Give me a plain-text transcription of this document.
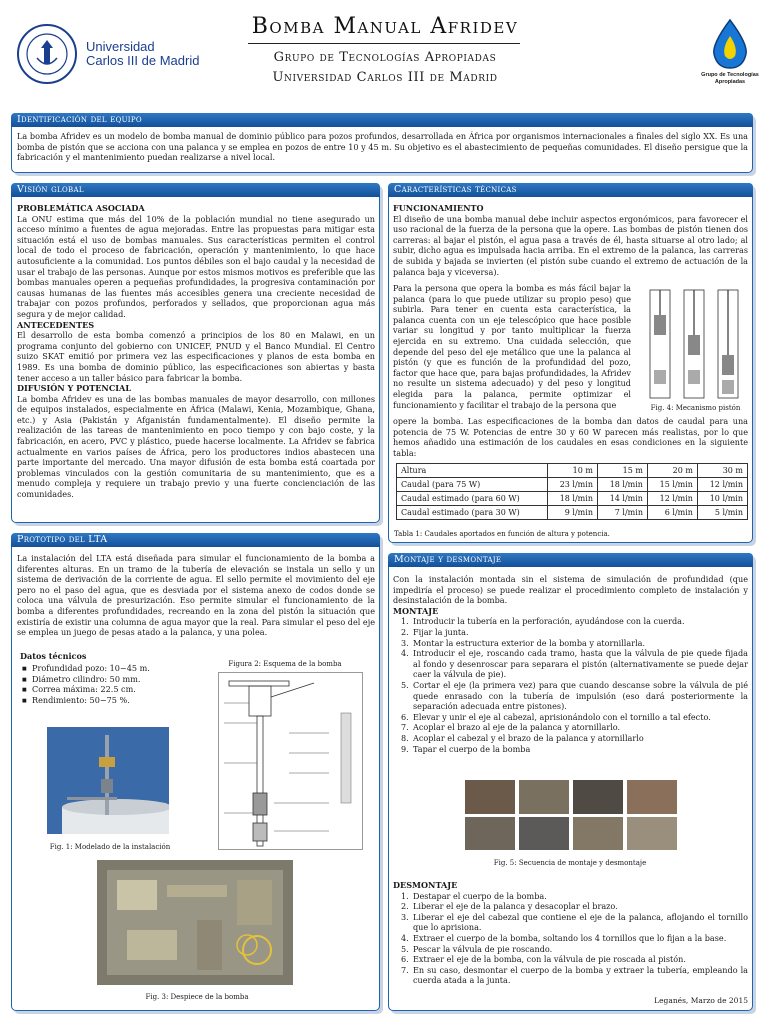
Universidad
Carlos III de Madrid
Bomba Manual Afridev
Grupo de Tecnologías Apropiadas
Universidad Carlos III de Madrid	Grupo de Tecnologías
Apropiadas
Identificación del equipo
La bomba Afridev es un modelo de bomba manual de dominio público para pozos profundos, desarrollada en África por organismos internacionales a finales del siglo XX. Es una bomba de pistón que se acciona con una palanca y se emplea en pozos de entre 10 y 45 m. Su objetivo es el abastecimiento de pequeñas comunidades. El diseño persigue que la fabricación y el mantenimiento puedan realizarse a nivel local.
Visión global
PROBLEMÁTICA ASOCIADA
La ONU estima que más del 10% de la población mundial no tiene asegurado un acceso mínimo a fuentes de agua mejoradas. Entre las propuestas para mitigar esta situación está el uso de bombas manuales. Sus características permiten el control local de todo el proceso de fabricación, operación y mantenimiento, lo que hace autosuficiente a la comunidad. Los puntos débiles son el bajo caudal y la necesidad de usar el trabajo de las personas. Aunque por estos mismos motivos es preferible que las bombas manuales operen a pequeñas profundidades, la progresiva contaminación por causas humanas de las fuentes más accesibles genera una creciente necesidad de trabajar con pozos profundos, perforados y sellados, que proporcionan agua más segura y de mejor calidad.
ANTECEDENTES
El desarrollo de esta bomba comenzó a principios de los 80 en Malawi, en un programa conjunto del gobierno con UNICEF, PNUD y el Banco Mundial. El Centro suizo SKAT emitió por primera vez las especificaciones y planos de esta bomba en 1989. Es una bomba de dominio público, las especificaciones son abiertas y basta tener acceso a un taller básico para fabricar la bomba.
DIFUSIÓN Y POTENCIAL
La bomba Afridev es una de las bombas manuales de mayor desarrollo, con millones de equipos instalados, especialmente en África (Malawi, Kenia, Mozambique, Ghana, etc.) y Asia (Pakistán y Afganistán fundamentalmente). El diseño permite la realización de las tareas de mantenimiento en poco tiempo y con bajo coste, y la fabricación, en acero, PVC y plástico, puede hacerse localmente. La Afridev se fabrica actualmente en varios países de África, pero los productores indios abastecen una parte importante del mercado. Una mayor difusión de esta bomba está coartada por problemas vinculados con la gestión comunitaria de su mantenimiento, que es a menudo compleja y requiere un trabajo previo y una fuerte concienciación de las comunidades.
Prototipo del LTA
La instalación del LTA está diseñada para simular el funcionamiento de la bomba a diferentes alturas. En un tramo de la tubería de elevación se instala un sello y un sistema de derivación de la corriente de agua. El sello permite el movimiento del eje pero no el paso del agua, que es desviada por el sistema anexo de codos donde se coloca una válvula de presurización. Eso permite simular el funcionamiento de la bomba a diferentes profundidades, recreando en la zona del pistón la situación que existiría de existir una columna de agua mayor que la real. Para simular el peso del eje se emplea un juego de pesas atado a la palanca, y una polea.
Datos técnicos
■ Profundidad pozo: 10−45 m.
■ Diámetro cilindro: 50 mm.
■ Correa máxima: 22.5 cm.
■ Rendimiento: 50−75 %.
Fig. 1: Modelado de la instalación
Figura 2: Esquema de la bomba
Fig. 3: Despiece de la bomba
Características técnicas
FUNCIONAMIENTO
El diseño de una bomba manual debe incluir aspectos ergonómicos, para favorecer el uso racional de la fuerza de la persona que la opere. Las bombas de pistón tienen dos carreras: al bajar el pistón, el agua pasa a través de él, hasta situarse al otro lado; al subir, dicho agua es impulsada hacia arriba. En el extremo de la palanca, las carreras de subida y bajada se invierten (el pistón sube cuando el extremo de actuación de la palanca baja y viceversa).
Para la persona que opera la bomba es más fácil bajar la palanca (para lo que puede utilizar su propio peso) que subirla. Para tener en cuenta esta característica, la palanca cuenta con un eje telescópico que hace posible variar su longitud y por tanto multiplicar la fuerza ejercida en su extremo. Una cuidada selección, que depende del peso del eje metálico que une la palanca al pistón (y que es función de la profundidad del pozo, factor que hace que, para bajas profundidades, la Afridev no resulte un sistema adecuado) y del peso y longitud elegida para la palanca, permite optimizar el funcionamiento y facilitar el trabajo de la persona que
opere la bomba. Las especificaciones de la bomba dan datos de caudal para una potencia de 75 W. Potencias de entre 30 y 60 W parecen más realistas, por lo que hemos añadido una estimación de los caudales en esas condiciones en la siguiente tabla:
Fig. 4: Mecanismo pistón
Altura	10 m	15 m	20 m	30 m
Caudal (para 75 W)	23 l/min	18 l/min	15 l/min	12 l/min
Caudal estimado (para 60 W)	18 l/min	14 l/min	12 l/min	10 l/min
Caudal estimado (para 30 W)	9 l/min	7 l/min	6 l/min	5 l/min
Tabla 1: Caudales aportados en función de altura y potencia.
Montaje y desmontaje
Con la instalación montada sin el sistema de simulación de profundidad (que impediría el proceso) se puede realizar el procedimiento completo de instalación y desinstalación de la bomba.
MONTAJE
Introducir la tubería en la perforación, ayudándose con la cuerda.
Fijar la junta.
Montar la estructura exterior de la bomba y atornillarla.
Introducir el eje, roscando cada tramo, hasta que la válvula de pie quede fijada al fondo y desenroscar para separara el pistón (alternativamente se puede dejar caer la válvula de pie).
Cortar el eje (la primera vez) para que cuando descanse sobre la válvula de pié quede enrasado con la tubería de impulsión (eso dará posteriormente la separación adecuada entre pistones).
Elevar y unir el eje al cabezal, aprisionándolo con el tornillo a tal efecto.
Acoplar el brazo al eje de la palanca y atornillarlo.
Acoplar el cabezal y el brazo de la palanca y atornillarlo
Tapar el cuerpo de la bomba
Fig. 5: Secuencia de montaje y desmontaje
DESMONTAJE
Destapar el cuerpo de la bomba.
Liberar el eje de la palanca y desacoplar el brazo.
Liberar el eje del cabezal que contiene el eje de la palanca, aflojando el tornillo que lo aprisiona.
Extraer el cuerpo de la bomba, soltando los 4 tornillos que lo fijan a la base.
Pescar la válvula de pie roscando.
Extraer el eje de la bomba, con la válvula de pie roscada al pistón.
En su caso, desmontar el cuerpo de la bomba y extraer la tubería, empleando la cuerda atada a la junta.
Leganés, Marzo de 2015
